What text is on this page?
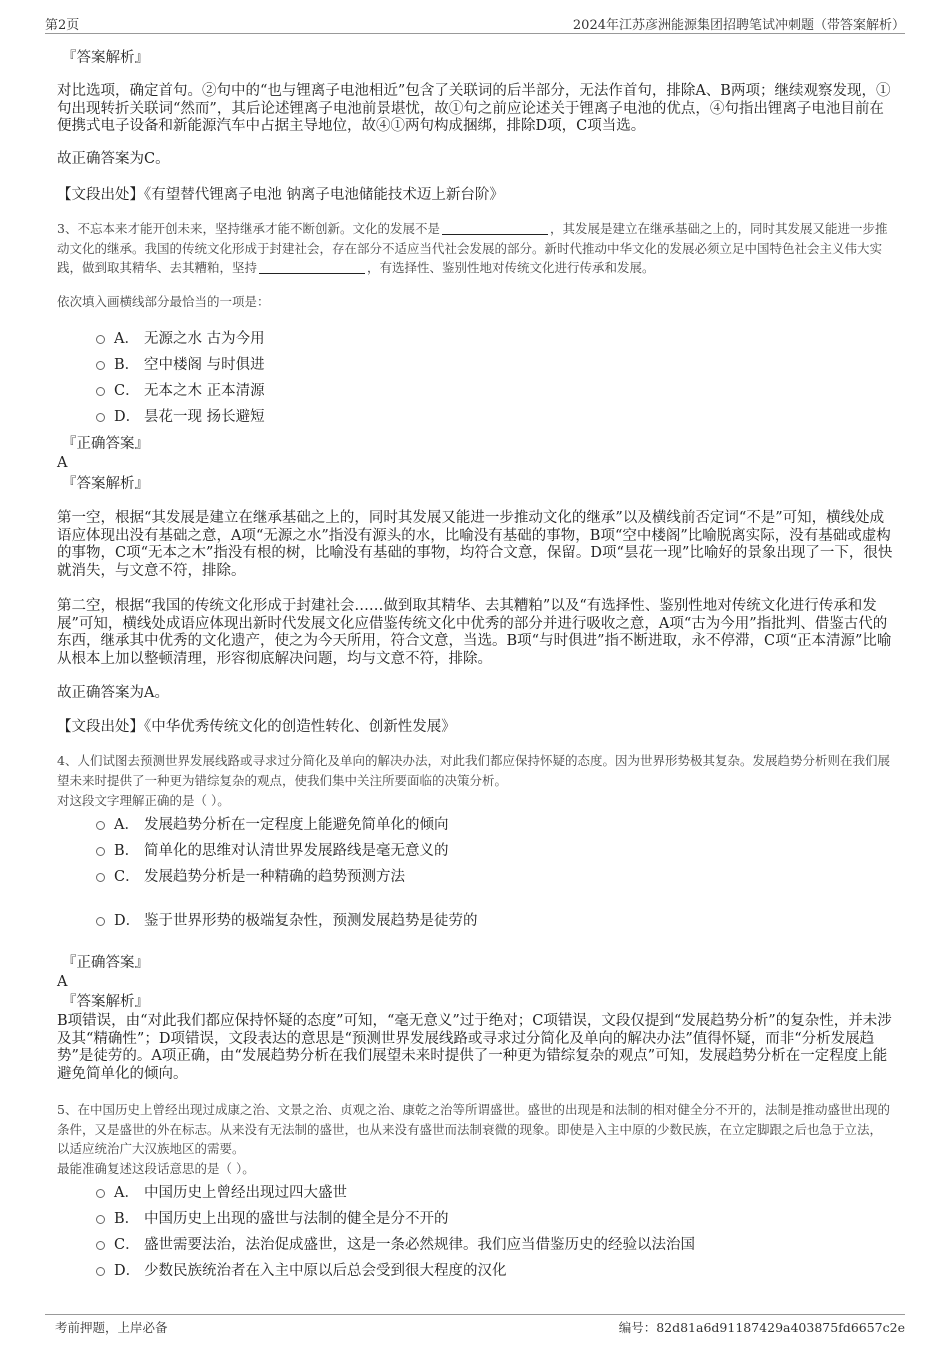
第2页	2024年江苏彦洲能源集团招聘笔试冲刺题（带答案解析）
『答案解析』
对比选项，确定首句。②句中的“也与锂离子电池相近”包含了关联词的后半部分，无法作首句，排除A、B两项；继续观察发现，①句出现转折关联词“然而”，其后论述锂离子电池前景堪忧，故①句之前应论述关于锂离子电池的优点，④句指出锂离子电池目前在便携式电子设备和新能源汽车中占据主导地位，故④①两句构成捆绑，排除D项，C项当选。
故正确答案为C。
【文段出处】《有望替代锂离子电池 钠离子电池储能技术迈上新台阶》
3、不忘本来才能开创未来，坚持继承才能不断创新。文化的发展不是	，其发展是建立在继承基础之上的，同时其发展又能进一步推动文化的继承。我国的传统文化形成于封建社会，存在部分不适应当代社会发展的部分。新时代推动中华文化的发展必须立足中国特色社会主义伟大实践，做到取其精华、去其糟粕，坚持	，有选择性、鉴别性地对传统文化进行传承和发展。
依次填入画横线部分最恰当的一项是：
A． 无源之水 古为今用
B． 空中楼阁 与时俱进
C． 无本之木 正本清源
D． 昙花一现 扬长避短
『正确答案』
A
『答案解析』
第一空，根据“其发展是建立在继承基础之上的，同时其发展又能进一步推动文化的继承”以及横线前否定词“不是”可知，横线处成语应体现出没有基础之意，A项“无源之水”指没有源头的水，比喻没有基础的事物，B项“空中楼阁”比喻脱离实际，没有基础或虚构的事物，C项“无本之木”指没有根的树，比喻没有基础的事物，均符合文意，保留。D项“昙花一现”比喻好的景象出现了一下，很快就消失，与文意不符，排除。
第二空，根据“我国的传统文化形成于封建社会……做到取其精华、去其糟粕”以及“有选择性、鉴别性地对传统文化进行传承和发展”可知，横线处成语应体现出新时代发展文化应借鉴传统文化中优秀的部分并进行吸收之意，A项“古为今用”指批判、借鉴古代的东西，继承其中优秀的文化遗产，使之为今天所用，符合文意，当选。B项“与时俱进”指不断进取，永不停滞，C项“正本清源”比喻从根本上加以整顿清理，形容彻底解决问题，均与文意不符，排除。
故正确答案为A。
【文段出处】《中华优秀传统文化的创造性转化、创新性发展》
4、人们试图去预测世界发展线路或寻求过分简化及单向的解决办法，对此我们都应保持怀疑的态度。因为世界形势极其复杂。发展趋势分析则在我们展望未来时提供了一种更为错综复杂的观点，使我们集中关注所要面临的决策分析。
对这段文字理解正确的是（ ）。
A． 发展趋势分析在一定程度上能避免简单化的倾向
B． 简单化的思维对认清世界发展路线是毫无意义的
C． 发展趋势分析是一种精确的趋势预测方法
D． 鉴于世界形势的极端复杂性，预测发展趋势是徒劳的
『正确答案』
A
『答案解析』
B项错误，由“对此我们都应保持怀疑的态度”可知，“毫无意义”过于绝对；C项错误，文段仅提到“发展趋势分析”的复杂性，并未涉及其“精确性”；D项错误，文段表达的意思是“预测世界发展线路或寻求过分简化及单向的解决办法”值得怀疑，而非“分析发展趋势”是徒劳的。A项正确，由“发展趋势分析在我们展望未来时提供了一种更为错综复杂的观点”可知，发展趋势分析在一定程度上能避免简单化的倾向。
5、在中国历史上曾经出现过成康之治、文景之治、贞观之治、康乾之治等所谓盛世。盛世的出现是和法制的相对健全分不开的，法制是推动盛世出现的条件，又是盛世的外在标志。从来没有无法制的盛世，也从来没有盛世而法制衰微的现象。即使是入主中原的少数民族，在立定脚跟之后也急于立法，以适应统治广大汉族地区的需要。
最能准确复述这段话意思的是（ ）。
A． 中国历史上曾经出现过四大盛世
B． 中国历史上出现的盛世与法制的健全是分不开的
C． 盛世需要法治，法治促成盛世，这是一条必然规律。我们应当借鉴历史的经验以法治国
D． 少数民族统治者在入主中原以后总会受到很大程度的汉化
考前押题，上岸必备	编号：82d81a6d91187429a403875fd6657c2e
